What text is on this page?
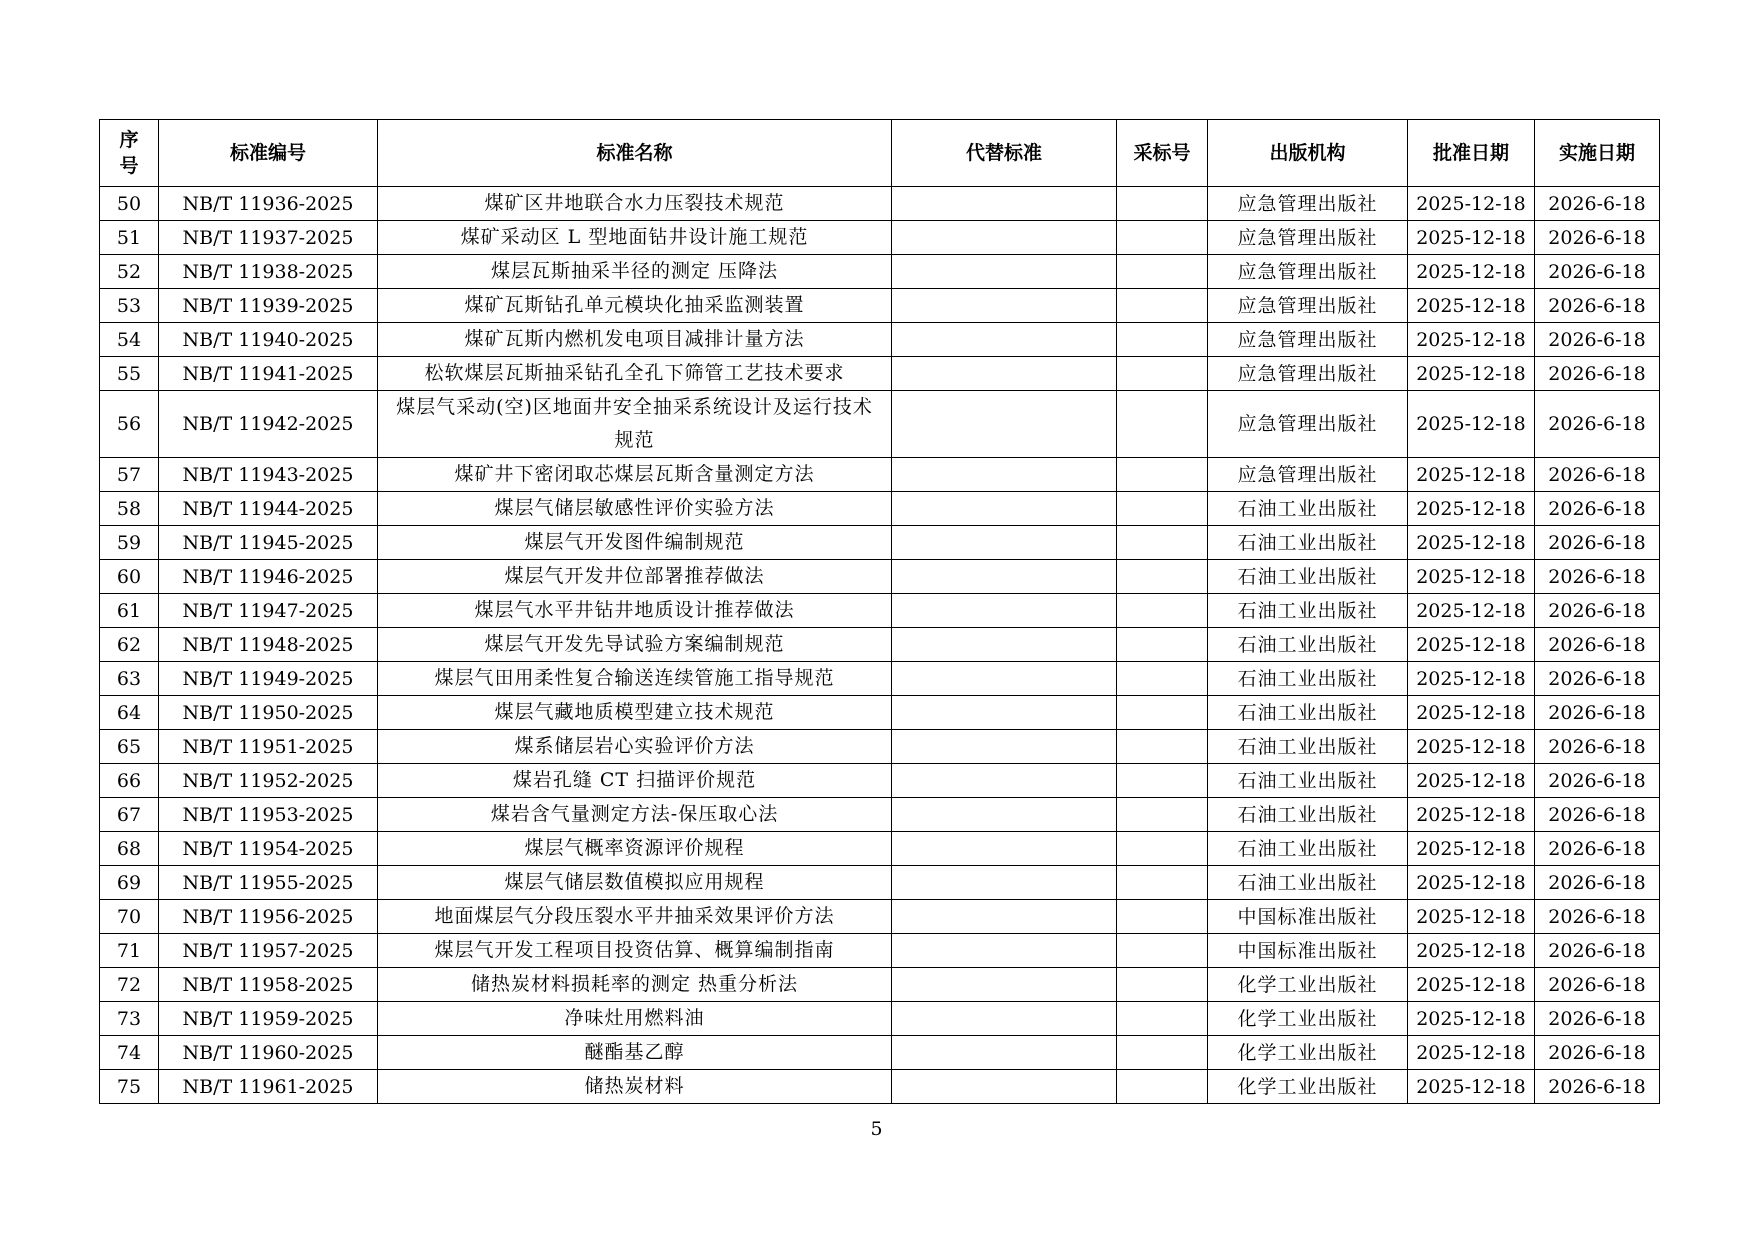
序号	标准编号	标准名称	代替标准	采标号	出版机构	批准日期	实施日期
50	NB/T 11936-2025	煤矿区井地联合水力压裂技术规范			应急管理出版社	2025-12-18	2026-6-18
51	NB/T 11937-2025	煤矿采动区 L 型地面钻井设计施工规范			应急管理出版社	2025-12-18	2026-6-18
52	NB/T 11938-2025	煤层瓦斯抽采半径的测定 压降法			应急管理出版社	2025-12-18	2026-6-18
53	NB/T 11939-2025	煤矿瓦斯钻孔单元模块化抽采监测装置			应急管理出版社	2025-12-18	2026-6-18
54	NB/T 11940-2025	煤矿瓦斯内燃机发电项目减排计量方法			应急管理出版社	2025-12-18	2026-6-18
55	NB/T 11941-2025	松软煤层瓦斯抽采钻孔全孔下筛管工艺技术要求			应急管理出版社	2025-12-18	2026-6-18
56	NB/T 11942-2025	煤层气采动(空)区地面井安全抽采系统设计及运行技术规范			应急管理出版社	2025-12-18	2026-6-18
57	NB/T 11943-2025	煤矿井下密闭取芯煤层瓦斯含量测定方法			应急管理出版社	2025-12-18	2026-6-18
58	NB/T 11944-2025	煤层气储层敏感性评价实验方法			石油工业出版社	2025-12-18	2026-6-18
59	NB/T 11945-2025	煤层气开发图件编制规范			石油工业出版社	2025-12-18	2026-6-18
60	NB/T 11946-2025	煤层气开发井位部署推荐做法			石油工业出版社	2025-12-18	2026-6-18
61	NB/T 11947-2025	煤层气水平井钻井地质设计推荐做法			石油工业出版社	2025-12-18	2026-6-18
62	NB/T 11948-2025	煤层气开发先导试验方案编制规范			石油工业出版社	2025-12-18	2026-6-18
63	NB/T 11949-2025	煤层气田用柔性复合输送连续管施工指导规范			石油工业出版社	2025-12-18	2026-6-18
64	NB/T 11950-2025	煤层气藏地质模型建立技术规范			石油工业出版社	2025-12-18	2026-6-18
65	NB/T 11951-2025	煤系储层岩心实验评价方法			石油工业出版社	2025-12-18	2026-6-18
66	NB/T 11952-2025	煤岩孔缝 CT 扫描评价规范			石油工业出版社	2025-12-18	2026-6-18
67	NB/T 11953-2025	煤岩含气量测定方法-保压取心法			石油工业出版社	2025-12-18	2026-6-18
68	NB/T 11954-2025	煤层气概率资源评价规程			石油工业出版社	2025-12-18	2026-6-18
69	NB/T 11955-2025	煤层气储层数值模拟应用规程			石油工业出版社	2025-12-18	2026-6-18
70	NB/T 11956-2025	地面煤层气分段压裂水平井抽采效果评价方法			中国标准出版社	2025-12-18	2026-6-18
71	NB/T 11957-2025	煤层气开发工程项目投资估算、概算编制指南			中国标准出版社	2025-12-18	2026-6-18
72	NB/T 11958-2025	储热炭材料损耗率的测定 热重分析法			化学工业出版社	2025-12-18	2026-6-18
73	NB/T 11959-2025	净味灶用燃料油			化学工业出版社	2025-12-18	2026-6-18
74	NB/T 11960-2025	醚酯基乙醇			化学工业出版社	2025-12-18	2026-6-18
75	NB/T 11961-2025	储热炭材料			化学工业出版社	2025-12-18	2026-6-18
5
